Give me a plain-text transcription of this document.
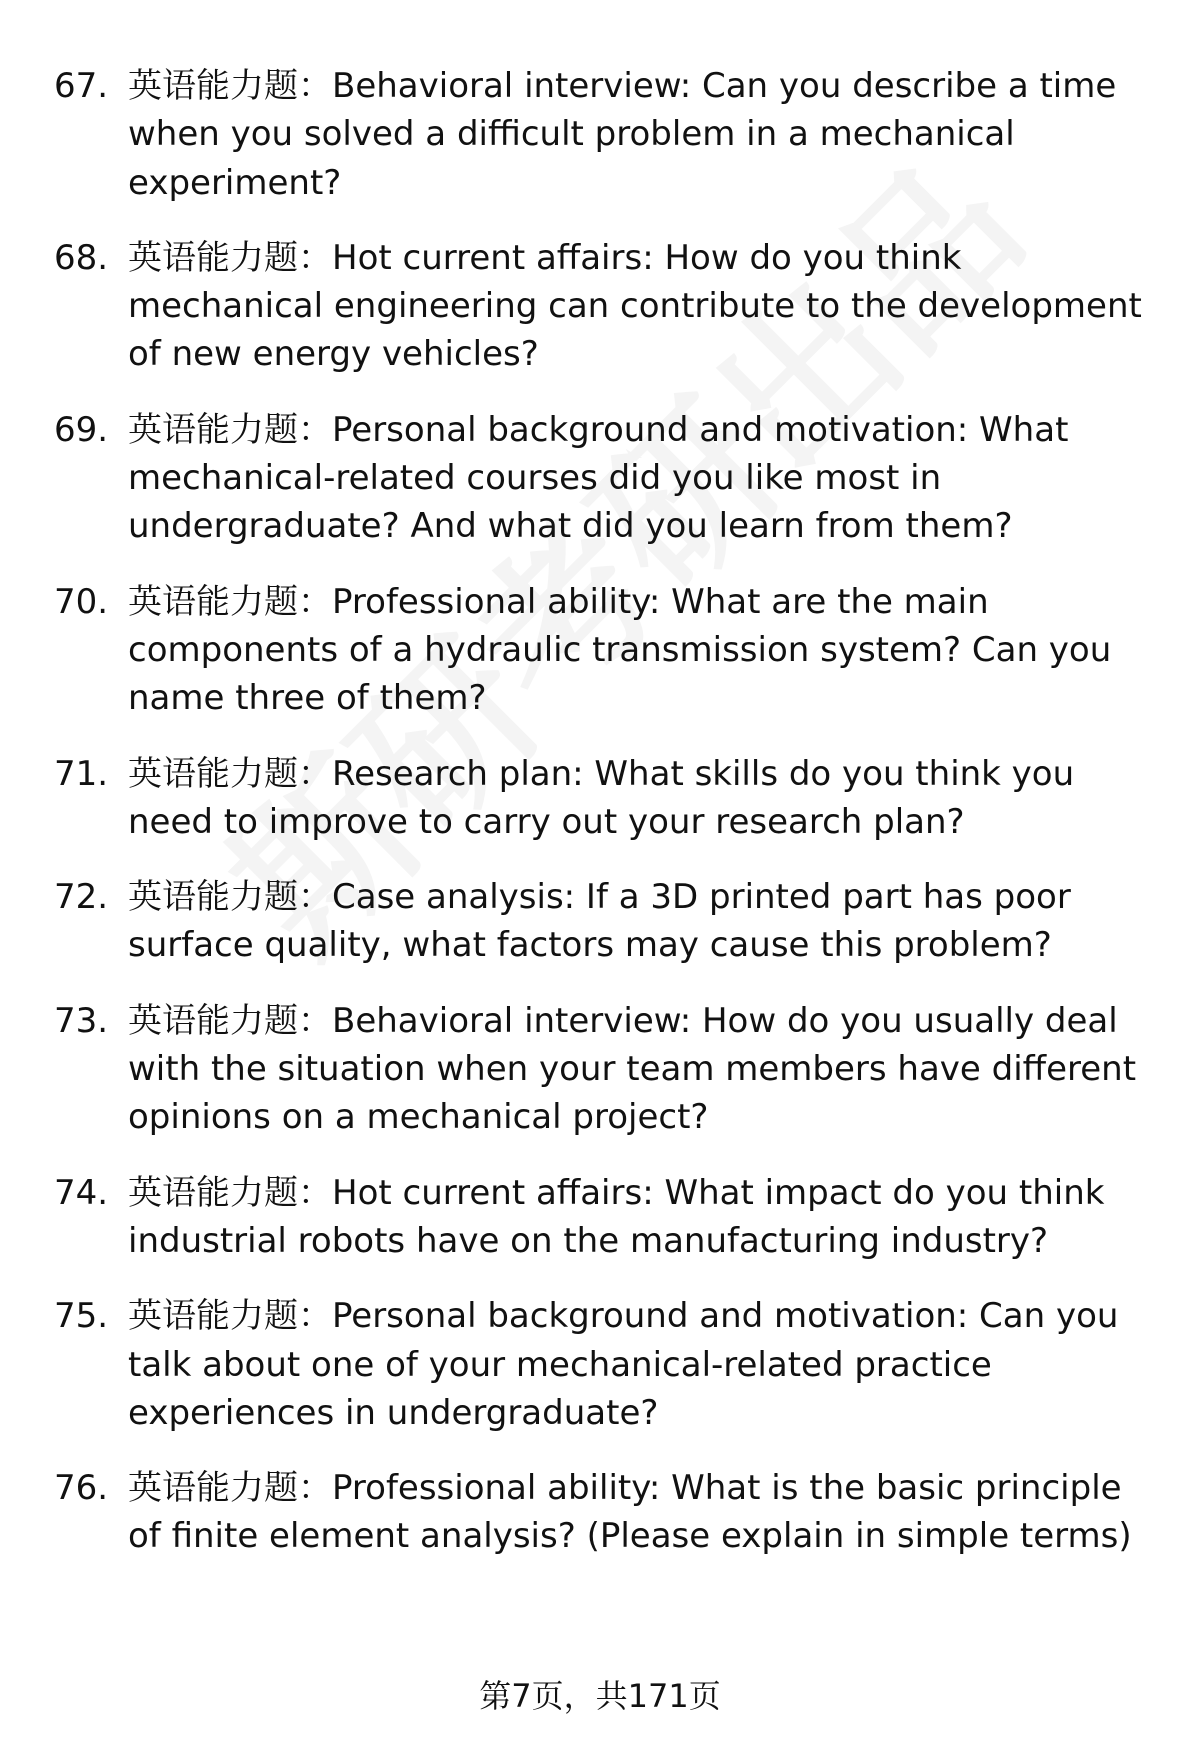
67. 英语能力题：Behavioral interview: Can you describe a time when you solved a difficult problem in a mechanical experiment?
68. 英语能力题：Hot current affairs: How do you think mechanical engineering can contribute to the development of new energy vehicles?
69. 英语能力题：Personal background and motivation: What mechanical-related courses did you like most in undergraduate? And what did you learn from them?
70. 英语能力题：Professional ability: What are the main components of a hydraulic transmission system? Can you name three of them?
71. 英语能力题：Research plan: What skills do you think you need to improve to carry out your research plan?
72. 英语能力题：Case analysis: If a 3D printed part has poor surface quality, what factors may cause this problem?
73. 英语能力题：Behavioral interview: How do you usually deal with the situation when your team members have different opinions on a mechanical project?
74. 英语能力题：Hot current affairs: What impact do you think industrial robots have on the manufacturing industry?
75. 英语能力题：Personal background and motivation: Can you talk about one of your mechanical-related practice experiences in undergraduate?
76. 英语能力题：Professional ability: What is the basic principle of finite element analysis? (Please explain in simple terms)
第7页，共171页
